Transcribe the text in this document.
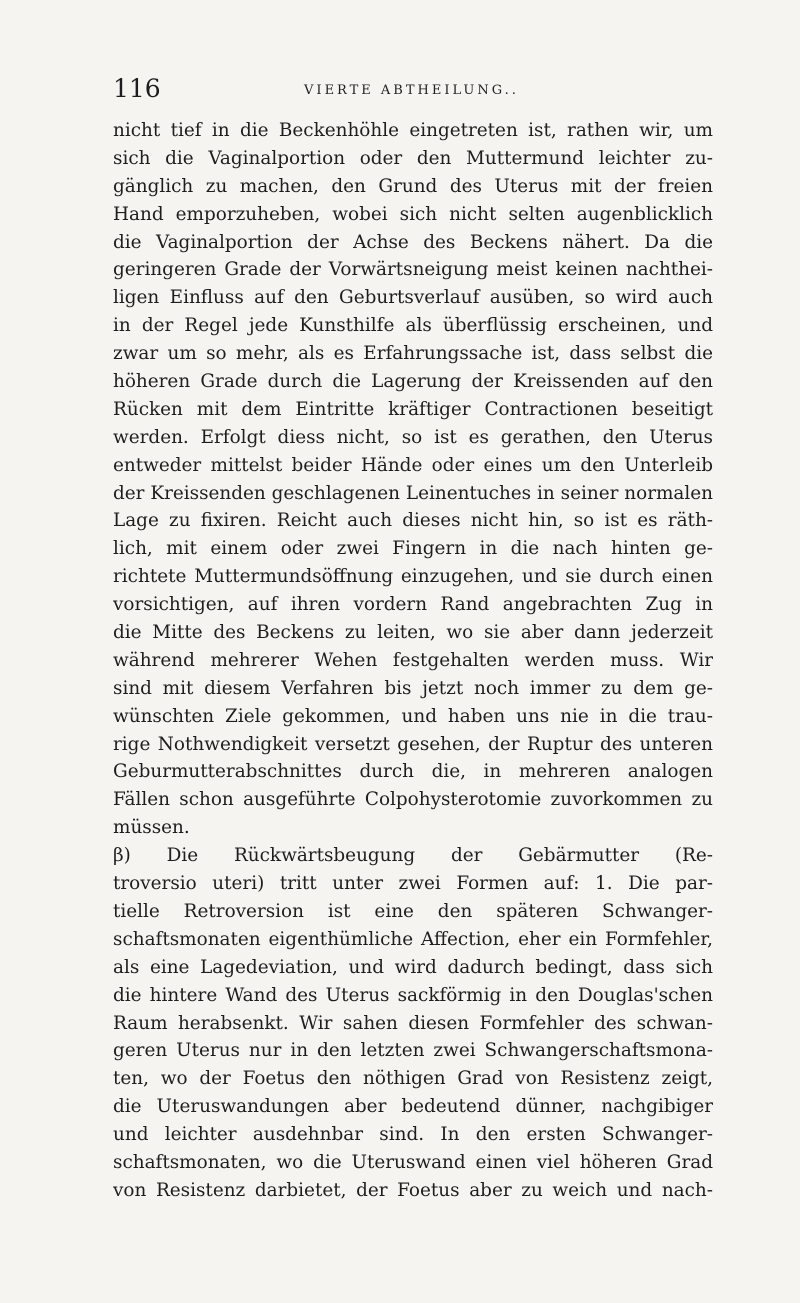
116	VIERTE ABTHEILUNG..
nicht tief in die Beckenhöhle eingetreten ist, rathen wir, um
sich die Vaginalportion oder den Muttermund leichter zu-
gänglich zu machen, den Grund des Uterus mit der freien
Hand emporzuheben, wobei sich nicht selten augenblicklich
die Vaginalportion der Achse des Beckens nähert. Da die
geringeren Grade der Vorwärtsneigung meist keinen nachthei-
ligen Einfluss auf den Geburtsverlauf ausüben, so wird auch
in der Regel jede Kunsthilfe als überflüssig erscheinen, und
zwar um so mehr, als es Erfahrungssache ist, dass selbst die
höheren Grade durch die Lagerung der Kreissenden auf den
Rücken mit dem Eintritte kräftiger Contractionen beseitigt
werden. Erfolgt diess nicht, so ist es gerathen, den Uterus
entweder mittelst beider Hände oder eines um den Unterleib
der Kreissenden geschlagenen Leinentuches in seiner normalen
Lage zu fixiren. Reicht auch dieses nicht hin, so ist es räth-
lich, mit einem oder zwei Fingern in die nach hinten ge-
richtete Muttermundsöffnung einzugehen, und sie durch einen
vorsichtigen, auf ihren vordern Rand angebrachten Zug in
die Mitte des Beckens zu leiten, wo sie aber dann jederzeit
während mehrerer Wehen festgehalten werden muss. Wir
sind mit diesem Verfahren bis jetzt noch immer zu dem ge-
wünschten Ziele gekommen, und haben uns nie in die trau-
rige Nothwendigkeit versetzt gesehen, der Ruptur des unteren
Geburmutterabschnittes durch die, in mehreren analogen
Fällen schon ausgeführte Colpohysterotomie zuvorkommen zu
müssen.
β) Die Rückwärtsbeugung der Gebärmutter (Re-
troversio uteri) tritt unter zwei Formen auf: 1. Die par-
tielle Retroversion ist eine den späteren Schwanger-
schaftsmonaten eigenthümliche Affection, eher ein Formfehler,
als eine Lagedeviation, und wird dadurch bedingt, dass sich
die hintere Wand des Uterus sackförmig in den Douglas'schen
Raum herabsenkt. Wir sahen diesen Formfehler des schwan-
geren Uterus nur in den letzten zwei Schwangerschaftsmona-
ten, wo der Foetus den nöthigen Grad von Resistenz zeigt,
die Uteruswandungen aber bedeutend dünner, nachgibiger
und leichter ausdehnbar sind. In den ersten Schwanger-
schaftsmonaten, wo die Uteruswand einen viel höheren Grad
von Resistenz darbietet, der Foetus aber zu weich und nach-
